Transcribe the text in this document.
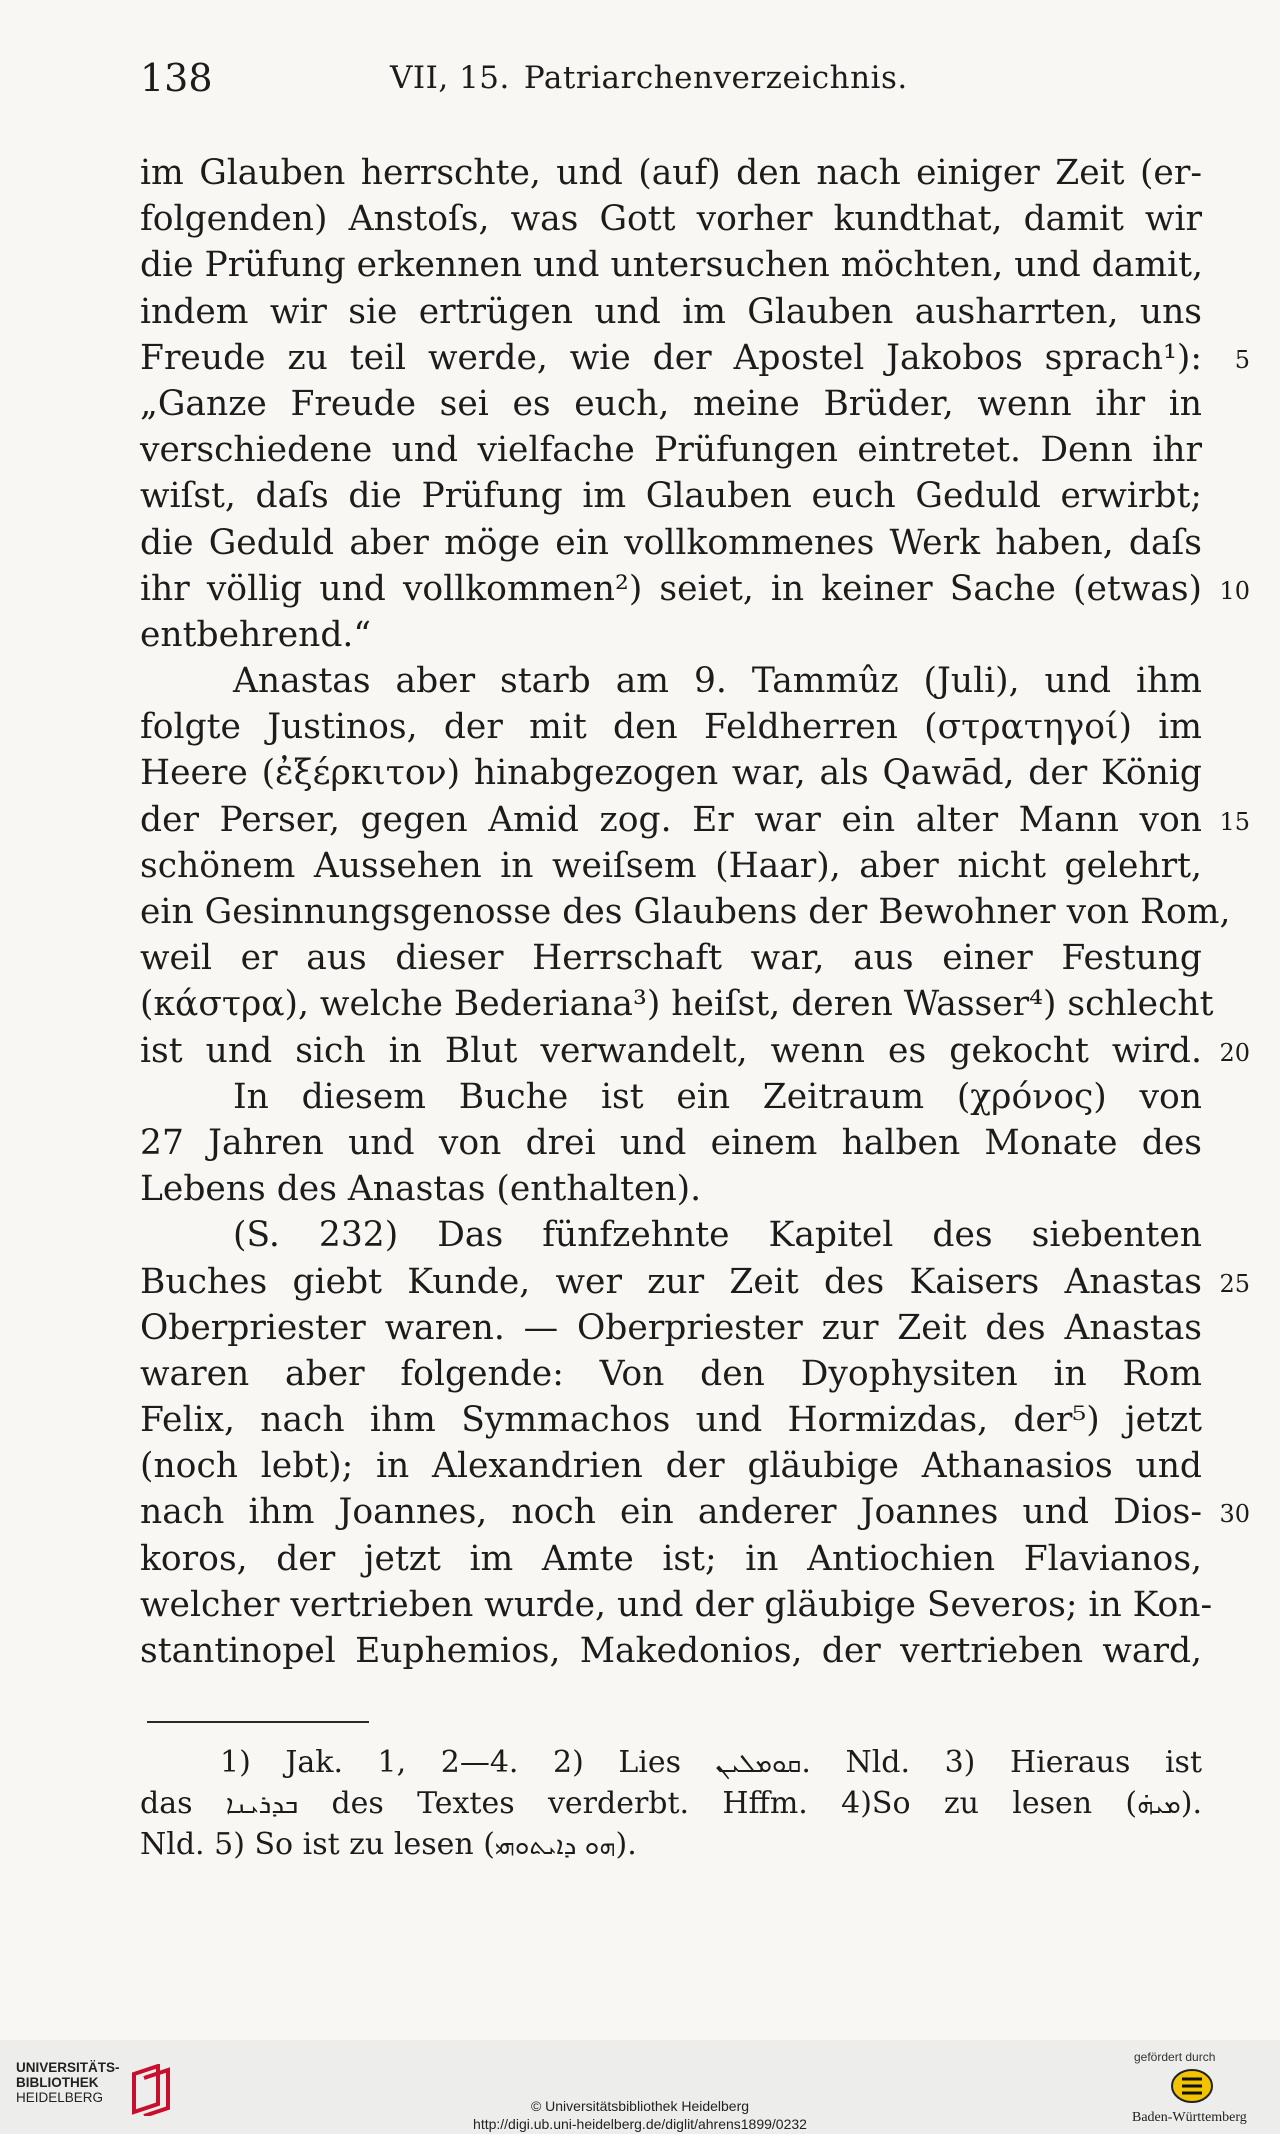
138	VII, 15. Patriarchenverzeichnis.
im Glauben herrschte, und (auf) den nach einiger Zeit (er-
folgenden) Anstoſs, was Gott vorher kundthat, damit wir
die Prüfung erkennen und untersuchen möchten, und damit,
indem wir sie ertrügen und im Glauben ausharrten, uns
Freude zu teil werde, wie der Apostel Jakobos sprach¹): 5
„Ganze Freude sei es euch, meine Brüder, wenn ihr in
verschiedene und vielfache Prüfungen eintretet. Denn ihr
wiſst, daſs die Prüfung im Glauben euch Geduld erwirbt;
die Geduld aber möge ein vollkommenes Werk haben, daſs
ihr völlig und vollkommen²) seiet, in keiner Sache (etwas) 10
entbehrend.“
Anastas aber starb am 9. Tammûz (Juli), und ihm
folgte Justinos, der mit den Feldherren (στρατηγοί) im
Heere (ἐξέρκιτον) hinabgezogen war, als Qawād, der König
der Perser, gegen Amid zog. Er war ein alter Mann von 15
schönem Aussehen in weiſsem (Haar), aber nicht gelehrt,
ein Gesinnungsgenosse des Glaubens der Bewohner von Rom,
weil er aus dieser Herrschaft war, aus einer Festung
(κάστρα), welche Bederiana³) heiſst, deren Wasser⁴) schlecht
ist und sich in Blut verwandelt, wenn es gekocht wird. 20
In diesem Buche ist ein Zeitraum (χρόνος) von
27 Jahren und von drei und einem halben Monate des
Lebens des Anastas (enthalten).
(S. 232) Das fünfzehnte Kapitel des siebenten
Buches giebt Kunde, wer zur Zeit des Kaisers Anastas 25
Oberpriester waren. — Oberpriester zur Zeit des Anastas
waren aber folgende: Von den Dyophysiten in Rom
Felix, nach ihm Symmachos und Hormizdas, der⁵) jetzt
(noch lebt); in Alexandrien der gläubige Athanasios und
nach ihm Joannes, noch ein anderer Joannes und Dios- 30
koros, der jetzt im Amte ist; in Antiochien Flavianos,
welcher vertrieben wurde, und der gläubige Severos; in Kon-
stantinopel Euphemios, Makedonios, der vertrieben ward,
1) Jak. 1, 2—4. 2) Lies ܩܘܡܠܝܢ. Nld. 3) Hieraus ist
das ܒܕܪܝܢܐ des Textes verderbt. Hffm. 4)So zu lesen (ܡܝܗ̇).
Nld. 5) So ist zu lesen (ܗܘ ܕܐܝܬܘܗܝ).
UNIVERSITÄTS-
BIBLIOTHEK
HEIDELBERG
© Universitätsbibliothek Heidelberg
http://digi.ub.uni-heidelberg.de/diglit/ahrens1899/0232
gefördert durch
Baden-Württemberg
